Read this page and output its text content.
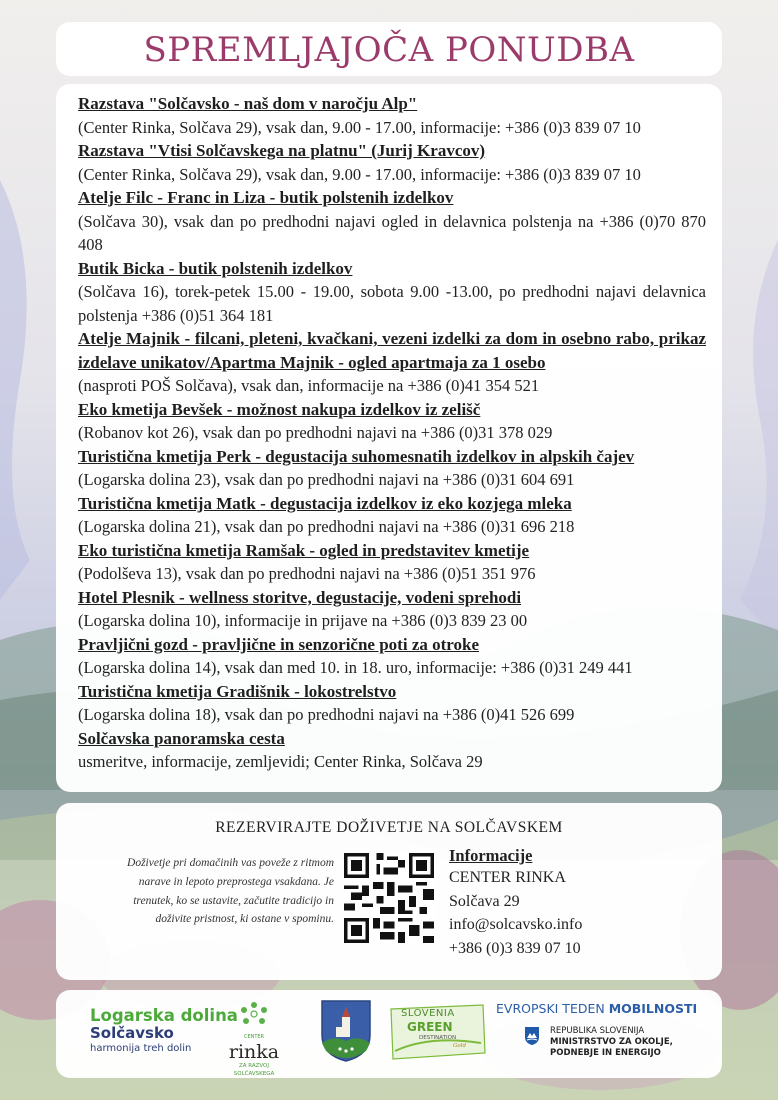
SPREMLJAJOČA PONUDBA
Razstava "Solčavsko - naš dom v naročju Alp"
(Center Rinka, Solčava 29), vsak dan, 9.00 - 17.00, informacije: +386 (0)3 839 07 10
Razstava "Vtisi Solčavskega na platnu" (Jurij Kravcov)
(Center Rinka, Solčava 29), vsak dan, 9.00 - 17.00, informacije: +386 (0)3 839 07 10
Atelje Filc - Franc in Liza - butik polstenih izdelkov
(Solčava 30), vsak dan po predhodni najavi ogled in delavnica polstenja na +386 (0)70 870 408
Butik Bicka - butik polstenih izdelkov
(Solčava 16), torek-petek 15.00 - 19.00, sobota 9.00 -13.00, po predhodni najavi delavnica polstenja +386 (0)51 364 181
Atelje Majnik - filcani, pleteni, kvačkani, vezeni izdelki za dom in osebno rabo, prikaz izdelave unikatov/Apartma Majnik - ogled apartmaja za 1 osebo
(nasproti POŠ Solčava), vsak dan, informacije na +386 (0)41 354 521
Eko kmetija Bevšek - možnost nakupa izdelkov iz zelišč
(Robanov kot 26), vsak dan po predhodni najavi na +386 (0)31 378 029
Turistična kmetija Perk - degustacija suhomesnatih izdelkov in alpskih čajev
(Logarska dolina 23), vsak dan po predhodni najavi na +386 (0)31 604 691
Turistična kmetija Matk - degustacija izdelkov iz eko kozjega mleka
(Logarska dolina 21), vsak dan po predhodni najavi na +386 (0)31 696 218
Eko turistična kmetija Ramšak - ogled in predstavitev kmetije
(Podolševa 13), vsak dan po predhodni najavi na +386 (0)51 351 976
Hotel Plesnik - wellness storitve, degustacije, vodeni sprehodi
(Logarska dolina 10), informacije in prijave na +386 (0)3 839 23 00
Pravljični gozd - pravljične in senzorične poti za otroke
(Logarska dolina 14), vsak dan med 10. in 18. uro, informacije: +386 (0)31 249 441
Turistična kmetija Gradišnik - lokostrelstvo
(Logarska dolina 18), vsak dan po predhodni najavi na +386 (0)41 526 699
Solčavska panoramska cesta
usmeritve, informacije, zemljevidi; Center Rinka, Solčava 29
REZERVIRAJTE DOŽIVETJE NA SOLČAVSKEM
Doživetje pri domačinih vas poveže z ritmom narave in lepoto preprostega vsakdana. Je trenutek, ko se ustavite, začutite tradicijo in doživite pristnost, ki ostane v spominu.
Informacije
CENTER RINKA
Solčava 29
info@solcavsko.info
+386 (0)3 839 07 10
Logarska dolina
Solčavsko
harmonija treh dolin
CENTER
rinka
ZA RAZVOJ SOLČAVSKEGA
SLOVENIA
GREEN
DESTINATION
Gold
EVROPSKI TEDEN MOBILNOSTI
REPUBLIKA SLOVENIJA
MINISTRSTVO ZA OKOLJE,
PODNEBJE IN ENERGIJO
